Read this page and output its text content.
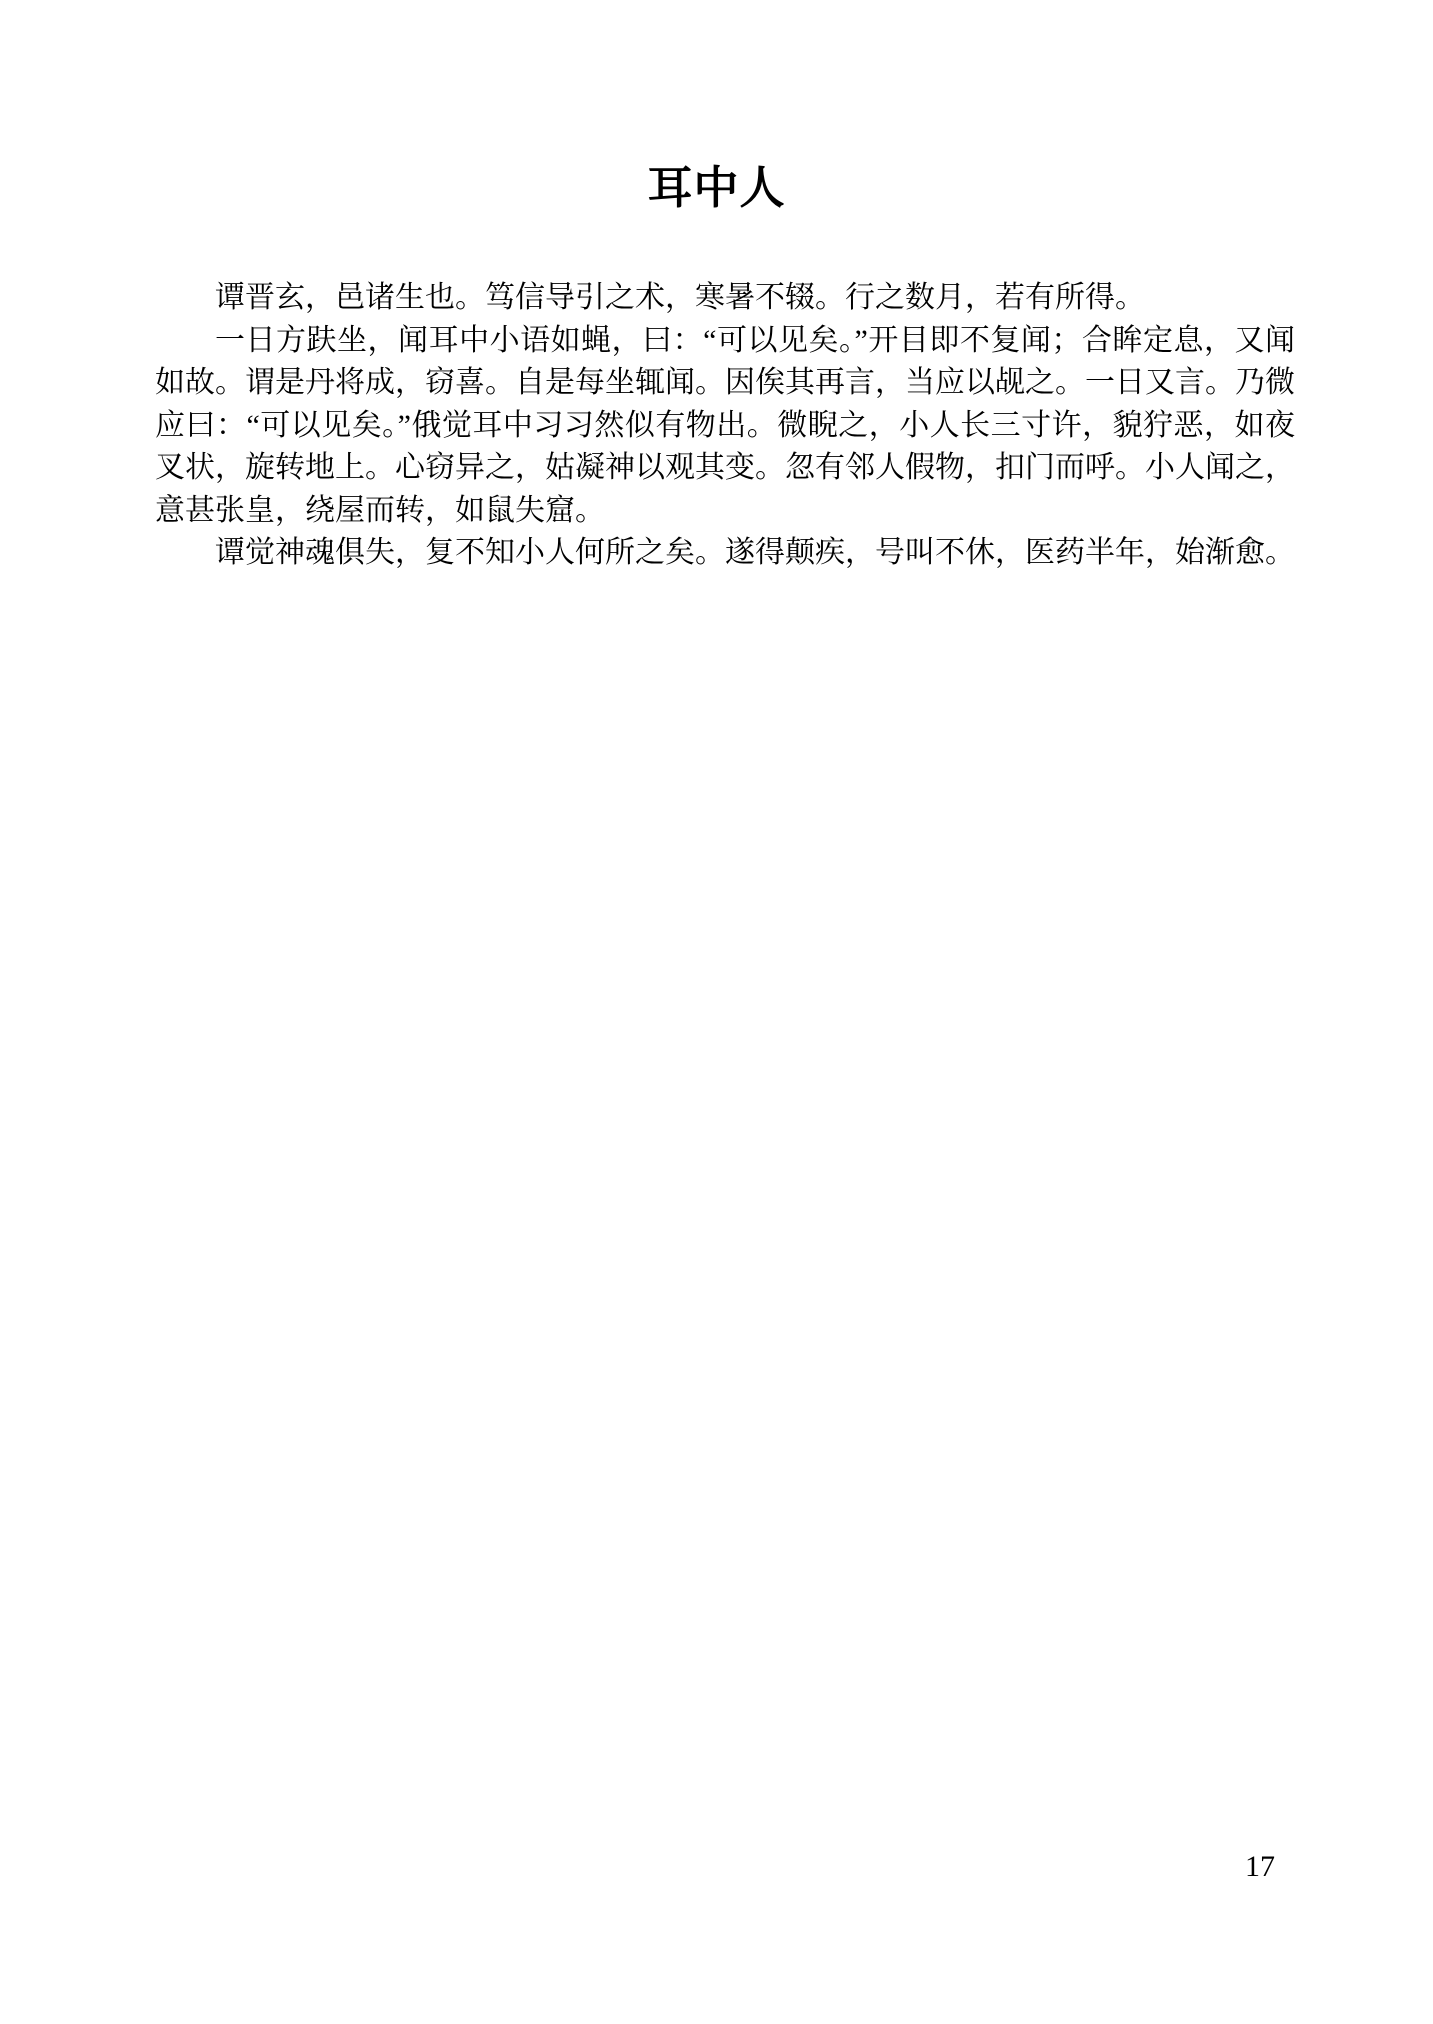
耳中人

谭晋玄，邑诸生也。笃信导引之术，寒暑不辍。行之数月，若有所得。

一日方趺坐，闻耳中小语如蝇，曰：“可以见矣。”开目即不复闻；合眸定息，又闻如故。谓是丹将成，窃喜。自是每坐辄闻。因俟其再言，当应以觇之。一日又言。乃微应曰：“可以见矣。”俄觉耳中习习然似有物出。微睨之，小人长三寸许，貌狞恶，如夜叉状，旋转地上。心窃异之，姑凝神以观其变。忽有邻人假物，扣门而呼。小人闻之，意甚张皇，绕屋而转，如鼠失窟。

谭觉神魂俱失，复不知小人何所之矣。遂得颠疾，号叫不休，医药半年，始渐愈。

17
